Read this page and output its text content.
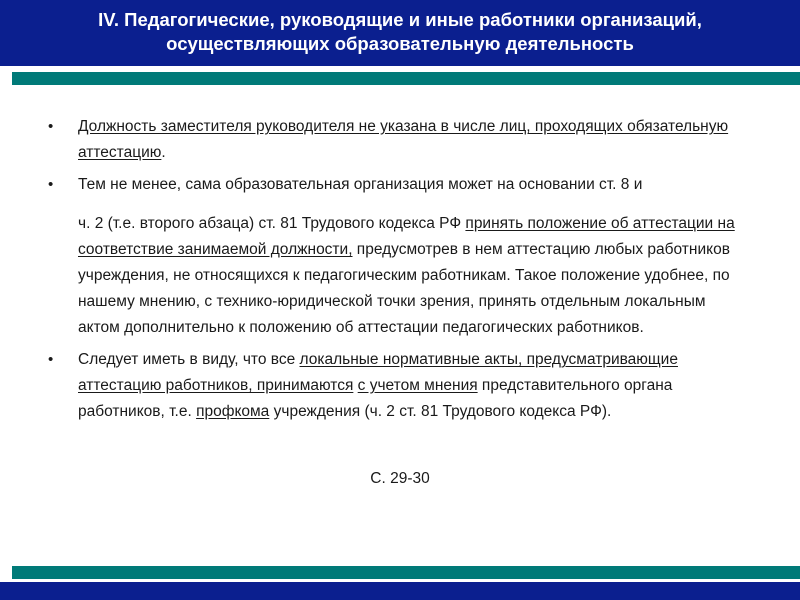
IV. Педагогические, руководящие и иные работники организаций,
осуществляющих образовательную деятельность
• Должность заместителя руководителя не указана в числе лиц, проходящих обязательную аттестацию.
• Тем не менее, сама образовательная организация может на основании ст. 8 и
ч. 2 (т.е. второго абзаца) ст. 81 Трудового кодекса РФ принять положение об аттестации на соответствие занимаемой должности, предусмотрев в нем аттестацию любых работников учреждения, не относящихся к педагогическим работникам. Такое положение удобнее, по нашему мнению, с технико-юридической точки зрения, принять отдельным локальным актом дополнительно к положению об аттестации педагогических работников.
• Следует иметь в виду, что все локальные нормативные акты, предусматривающие аттестацию работников, принимаются с учетом мнения представительного органа работников, т.е. профкома учреждения (ч. 2 ст. 81 Трудового кодекса РФ).
С. 29-30
